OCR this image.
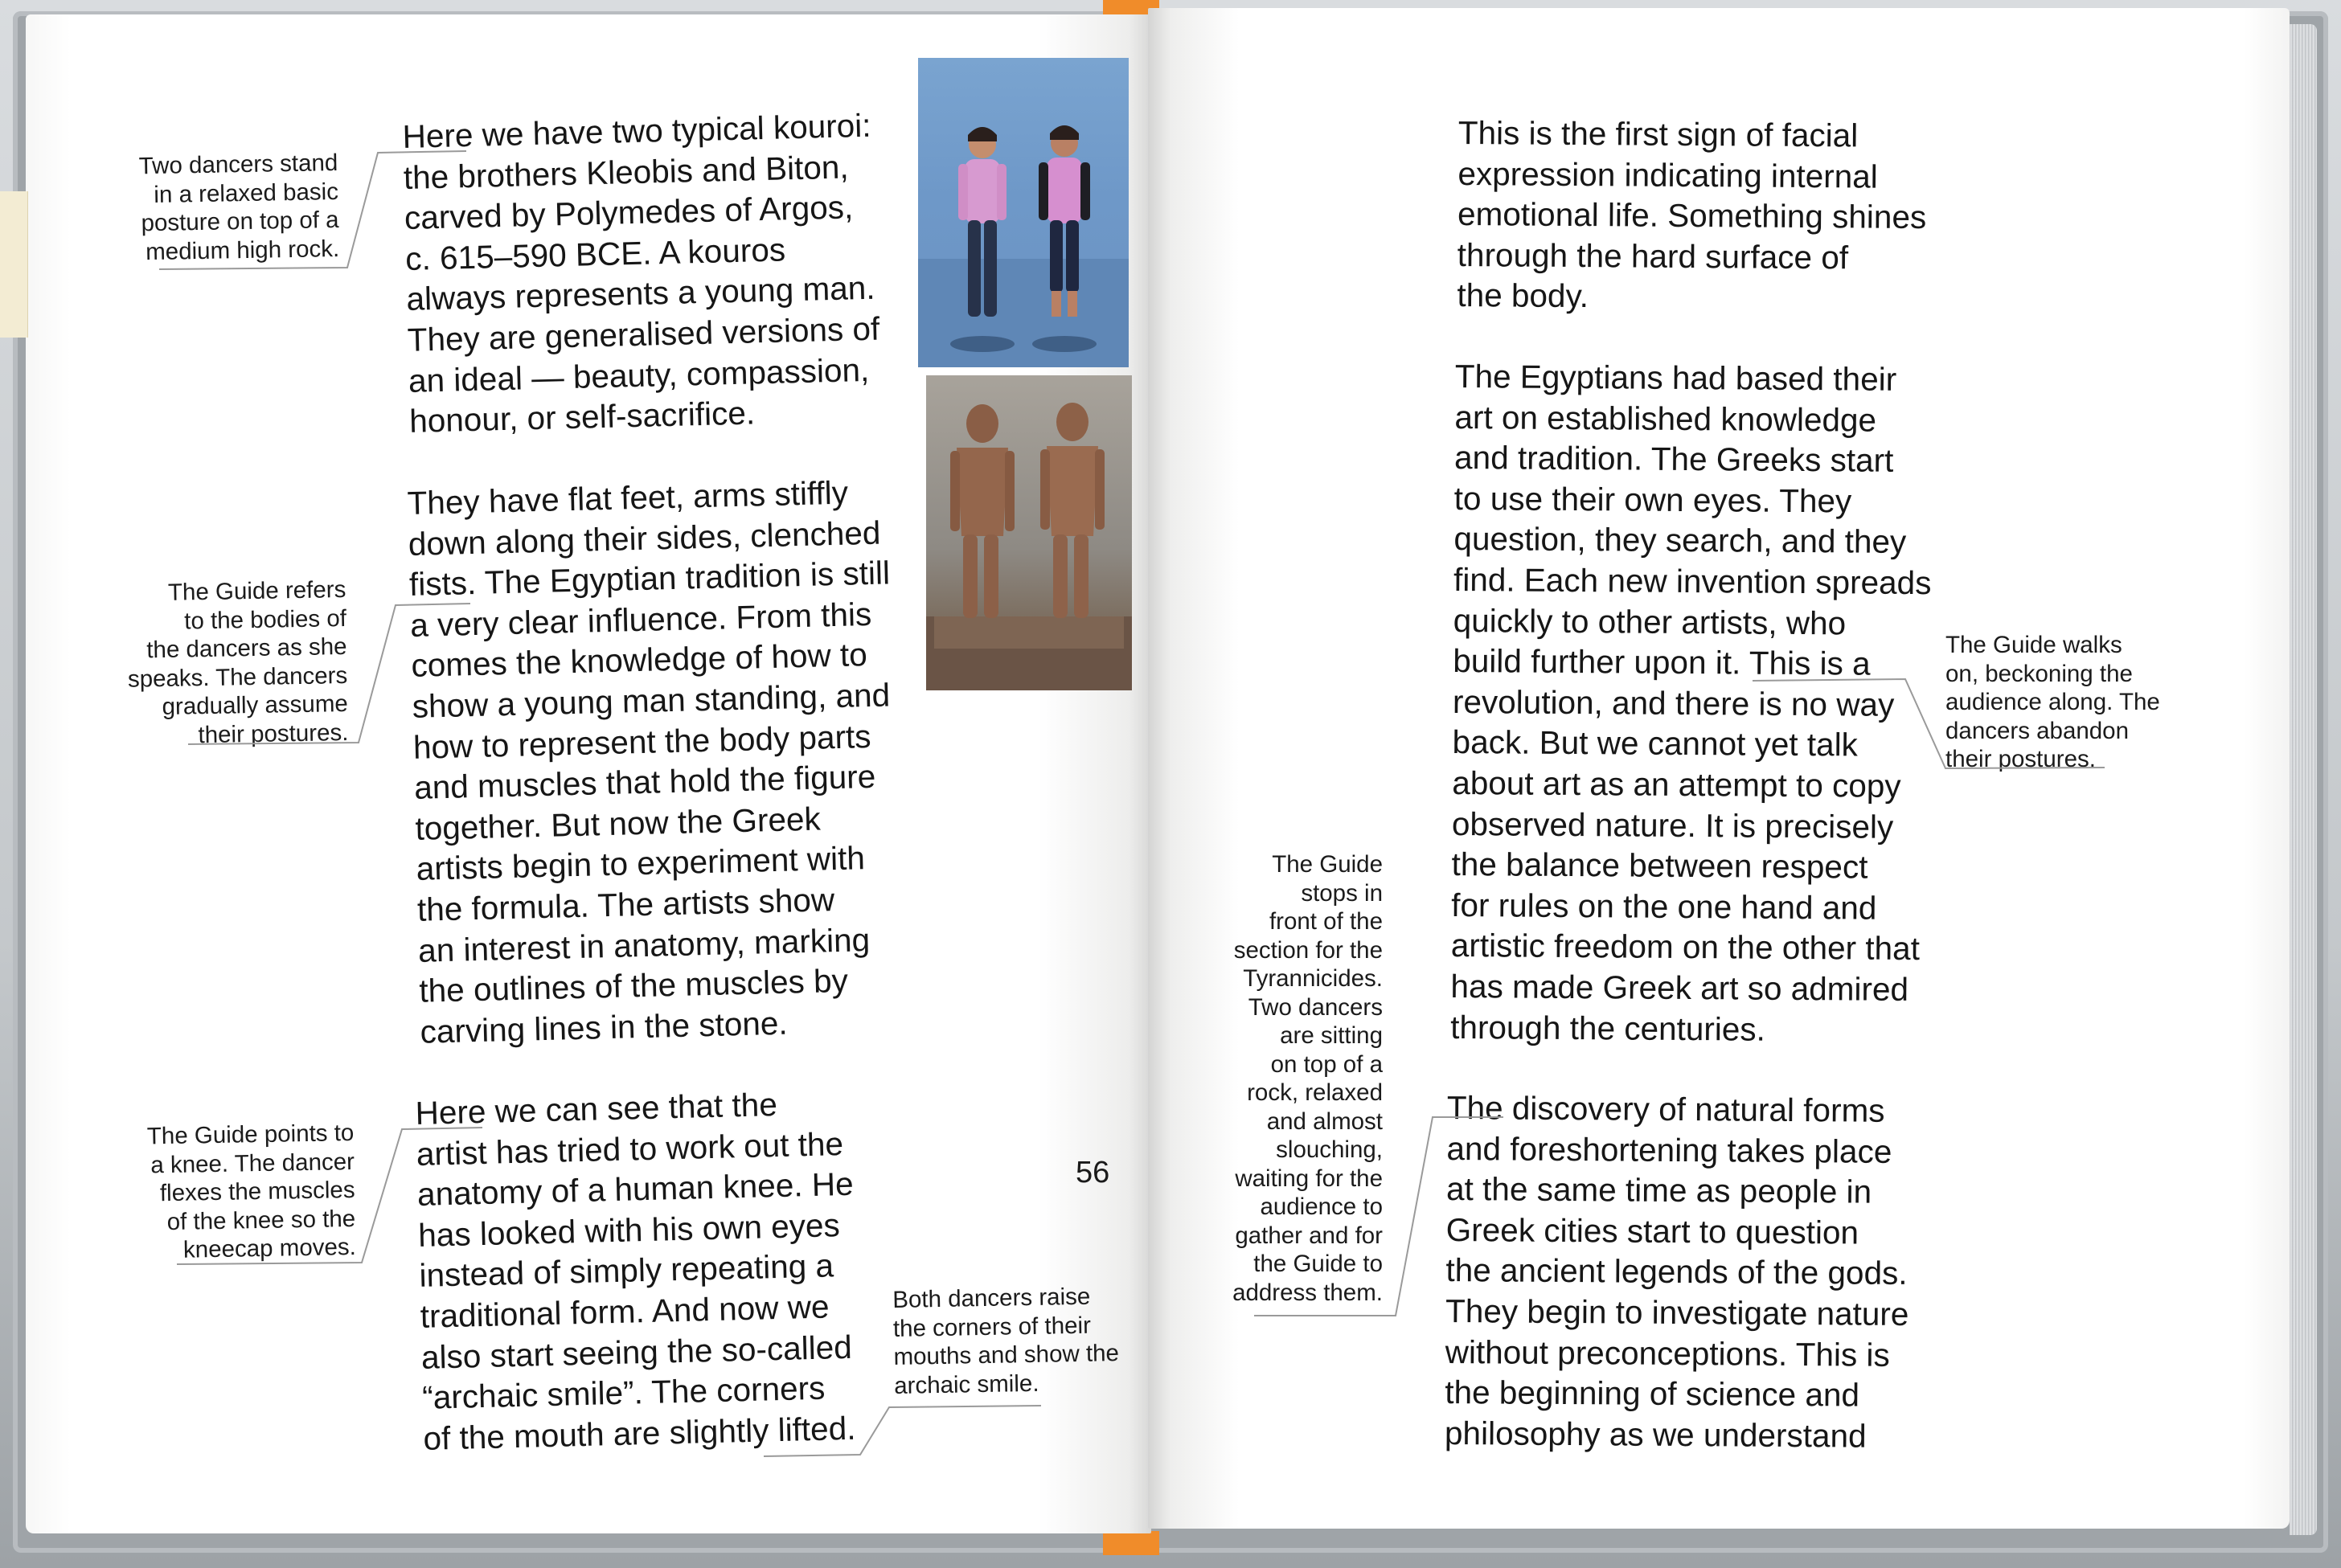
Here we have two typical kouroi:
the brothers Kleobis and Biton,
carved by Polymedes of Argos,
c. 615–590 BCE. A kouros
always represents a young man.
They are generalised versions of
an ideal — beauty, compassion,
honour, or self-sacrifice.

They have flat feet, arms stiffly
down along their sides, clenched
fists. The Egyptian tradition is still
a very clear influence. From this
comes the knowledge of how to
show a young man standing, and
how to represent the body parts
and muscles that hold the figure
together. But now the Greek
artists begin to experiment with
the formula. The artists show
an interest in anatomy, marking
the outlines of the muscles by
carving lines in the stone.

Here we can see that the
artist has tried to work out the
anatomy of a human knee. He
has looked with his own eyes
instead of simply repeating a
traditional form. And now we
also start seeing the so-called
“archaic smile”. The corners
of the mouth are slightly lifted.

Two dancers stand
in a relaxed basic
posture on top of a
medium high rock.

The Guide refers
to the bodies of
the dancers as she
speaks. The dancers
gradually assume
their postures.

The Guide points to
a knee. The dancer
flexes the muscles
of the knee so the
kneecap moves.

Both dancers raise
the corners of their
mouths and show the
archaic smile.

56

This is the first sign of facial
expression indicating internal
emotional life. Something shines
through the hard surface of
the body.

The Egyptians had based their
art on established knowledge
and tradition. The Greeks start
to use their own eyes. They
question, they search, and they
find. Each new invention spreads
quickly to other artists, who
build further upon it. This is a
revolution, and there is no way
back. But we cannot yet talk
about art as an attempt to copy
observed nature. It is precisely
the balance between respect
for rules on the one hand and
artistic freedom on the other that
has made Greek art so admired
through the centuries.

The discovery of natural forms
and foreshortening takes place
at the same time as people in
Greek cities start to question
the ancient legends of the gods.
They begin to investigate nature
without preconceptions. This is
the beginning of science and
philosophy as we understand

The Guide
stops in
front of the
section for the
Tyrannicides.
Two dancers
are sitting
on top of a
rock, relaxed
and almost
slouching,
waiting for the
audience to
gather and for
the Guide to
address them.

The Guide walks
on, beckoning the
audience along. The
dancers abandon
their postures.
